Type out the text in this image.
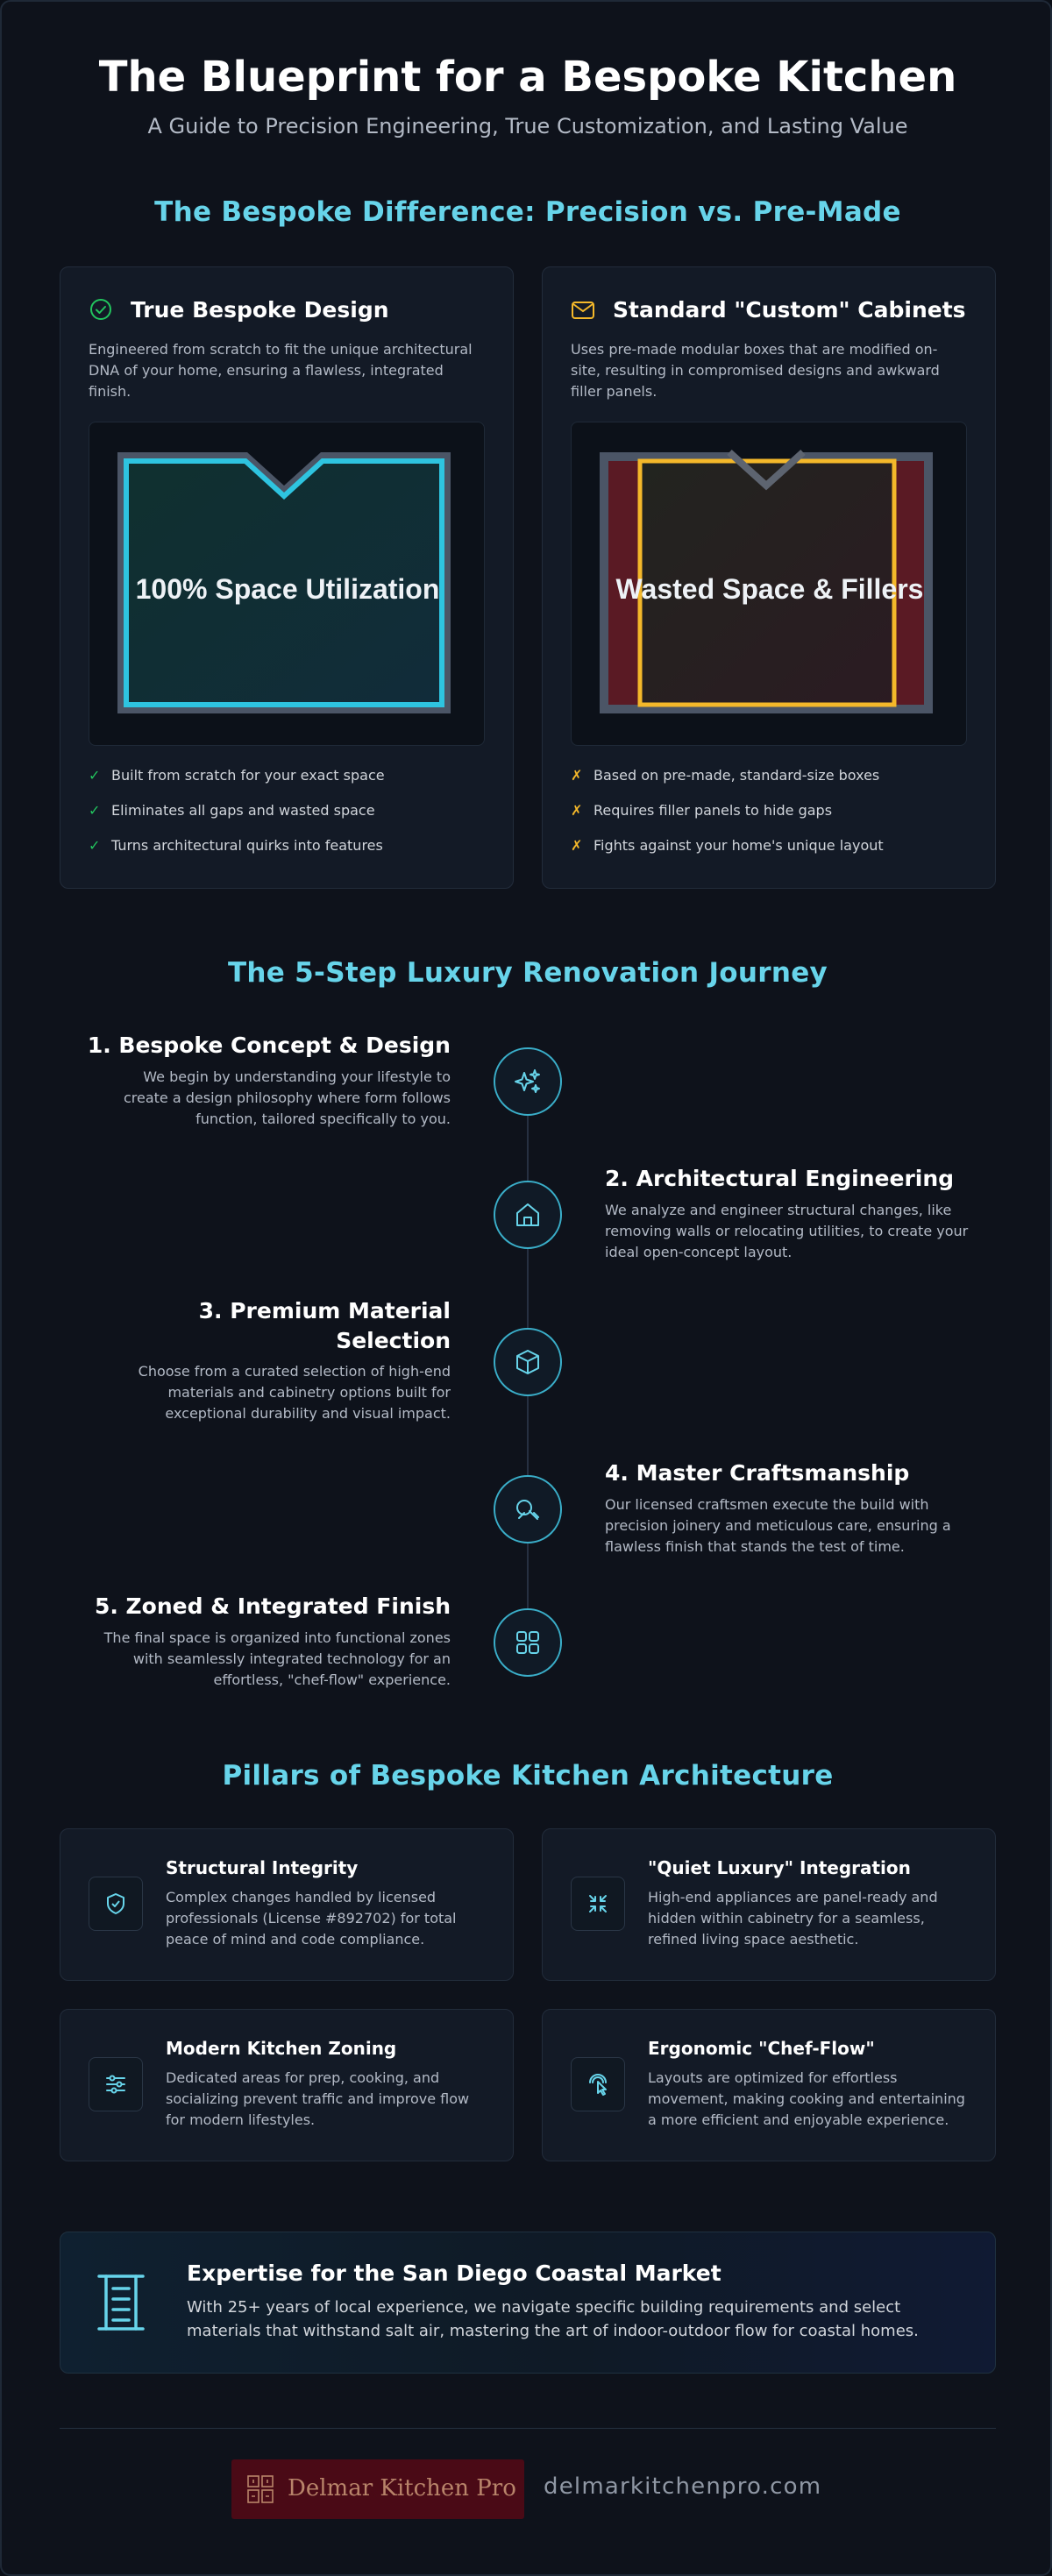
The Blueprint for a Bespoke Kitchen
A Guide to Precision Engineering, True Customization, and Lasting Value
The Bespoke Difference: Precision vs. Pre-Made
True Bespoke Design
Engineered from scratch to fit the unique architectural DNA of your home, ensuring a flawless, integrated finish.
100% Space Utilization
✓ Built from scratch for your exact space
✓ Eliminates all gaps and wasted space
✓ Turns architectural quirks into features
Standard "Custom" Cabinets
Uses pre-made modular boxes that are modified on-site, resulting in compromised designs and awkward filler panels.
Wasted Space & Fillers
✗ Based on pre-made, standard-size boxes
✗ Requires filler panels to hide gaps
✗ Fights against your home's unique layout
The 5-Step Luxury Renovation Journey
1. Bespoke Concept & Design
We begin by understanding your lifestyle to create a design philosophy where form follows function, tailored specifically to you.
2. Architectural Engineering
We analyze and engineer structural changes, like removing walls or relocating utilities, to create your ideal open-concept layout.
3. Premium Material
Selection
Choose from a curated selection of high-end materials and cabinetry options built for exceptional durability and visual impact.
4. Master Craftsmanship
Our licensed craftsmen execute the build with precision joinery and meticulous care, ensuring a flawless finish that stands the test of time.
5. Zoned & Integrated Finish
The final space is organized into functional zones with seamlessly integrated technology for an effortless, "chef-flow" experience.
Pillars of Bespoke Kitchen Architecture
Structural Integrity
Complex changes handled by licensed professionals (License #892702) for total peace of mind and code compliance.
"Quiet Luxury" Integration
High-end appliances are panel-ready and hidden within cabinetry for a seamless, refined living space aesthetic.
Modern Kitchen Zoning
Dedicated areas for prep, cooking, and socializing prevent traffic and improve flow for modern lifestyles.
Ergonomic "Chef-Flow"
Layouts are optimized for effortless movement, making cooking and entertaining a more efficient and enjoyable experience.
Expertise for the San Diego Coastal Market
With 25+ years of local experience, we navigate specific building requirements and select materials that withstand salt air, mastering the art of indoor-outdoor flow for coastal homes.
Delmar Kitchen Pro delmarkitchenpro.com
